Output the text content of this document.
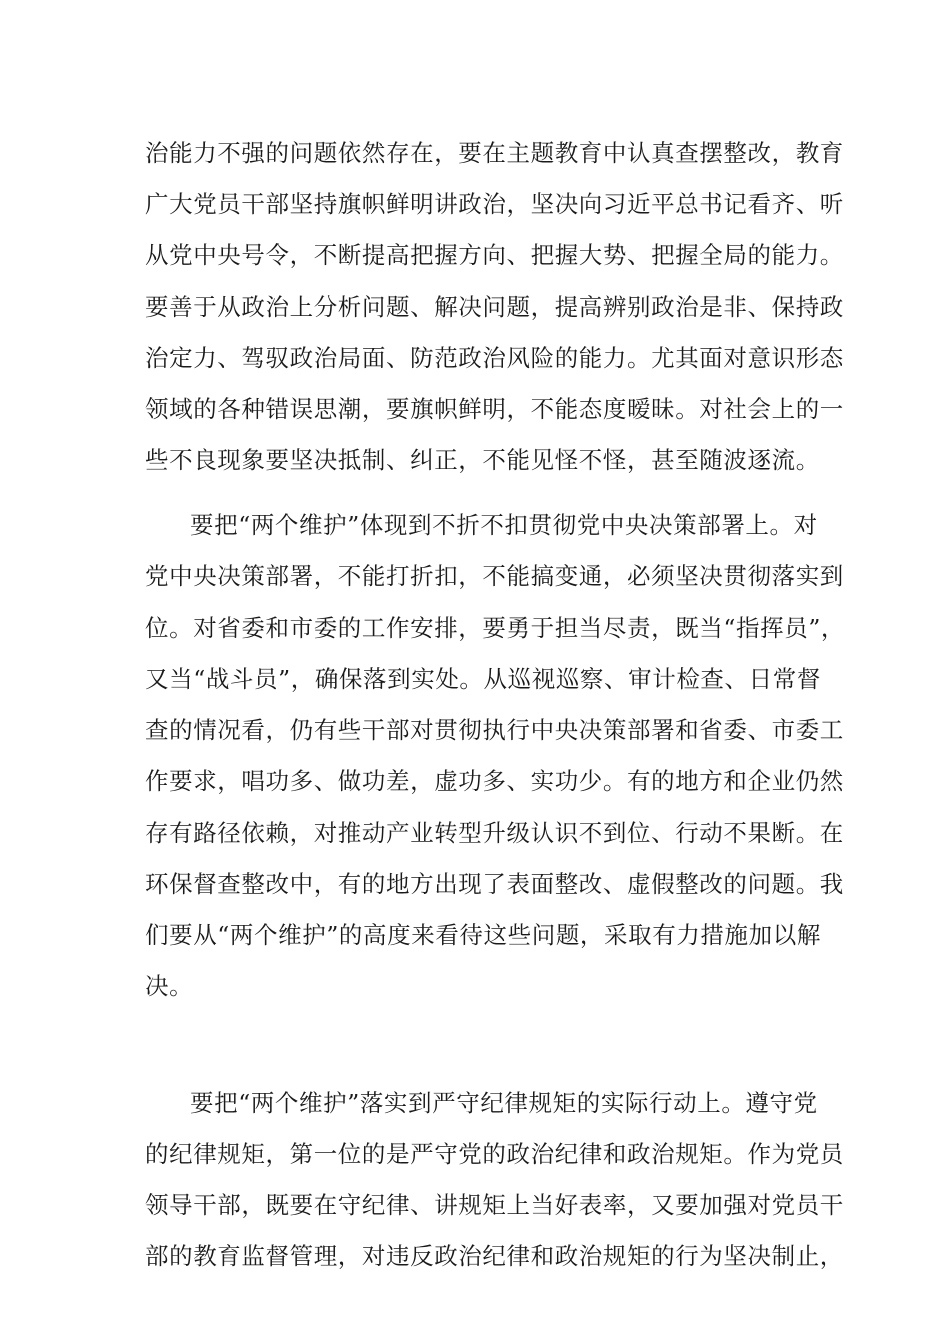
治能力不强的问题依然存在，要在主题教育中认真查摆整改，教育
广大党员干部坚持旗帜鲜明讲政治，坚决向习近平总书记看齐、听
从党中央号令，不断提高把握方向、把握大势、把握全局的能力。
要善于从政治上分析问题、解决问题，提高辨别政治是非、保持政
治定力、驾驭政治局面、防范政治风险的能力。尤其面对意识形态
领域的各种错误思潮，要旗帜鲜明，不能态度暧昧。对社会上的一
些不良现象要坚决抵制、纠正，不能见怪不怪，甚至随波逐流。
要把“两个维护”体现到不折不扣贯彻党中央决策部署上。对
党中央决策部署，不能打折扣，不能搞变通，必须坚决贯彻落实到
位。对省委和市委的工作安排，要勇于担当尽责，既当“指挥员”，
又当“战斗员”，确保落到实处。从巡视巡察、审计检查、日常督
查的情况看，仍有些干部对贯彻执行中央决策部署和省委、市委工
作要求，唱功多、做功差，虚功多、实功少。有的地方和企业仍然
存有路径依赖，对推动产业转型升级认识不到位、行动不果断。在
环保督查整改中，有的地方出现了表面整改、虚假整改的问题。我
们要从“两个维护”的高度来看待这些问题，采取有力措施加以解
决。
要把“两个维护”落实到严守纪律规矩的实际行动上。遵守党
的纪律规矩，第一位的是严守党的政治纪律和政治规矩。作为党员
领导干部，既要在守纪律、讲规矩上当好表率，又要加强对党员干
部的教育监督管理，对违反政治纪律和政治规矩的行为坚决制止，
